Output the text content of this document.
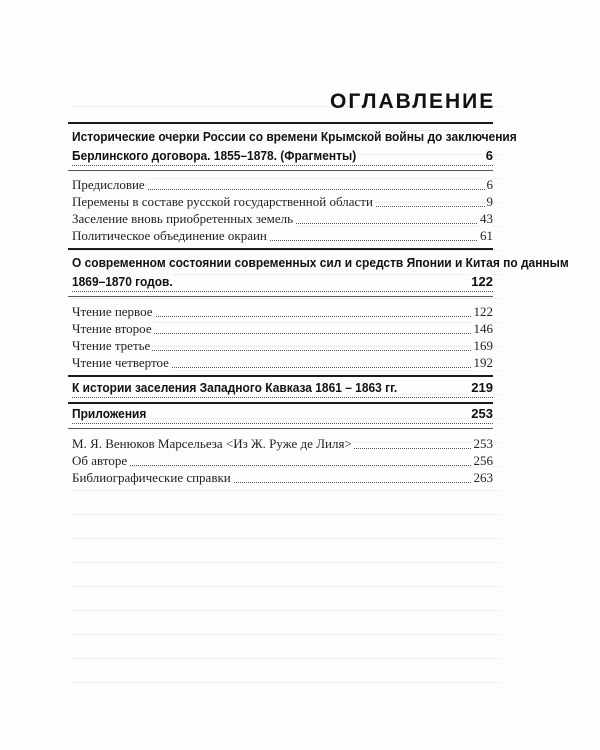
ОГЛАВЛЕНИЕ
Исторические очерки России со времени Крымской войны до заключения
Берлинского договора. 1855–1878. (Фрагменты)	6
Предисловие	6
Перемены в составе русской государственной области	9
Заселение вновь приобретенных земель	43
Политическое объединение окраин	61
О современном состоянии современных сил и средств Японии и Китая по данным
1869–1870 годов.	122
Чтение первое	122
Чтение второе	146
Чтение третье	169
Чтение четвертое	192
К истории заселения Западного Кавказа 1861 – 1863 гг.	219
Приложения	253
М. Я. Венюков Марсельеза <Из Ж. Руже де Лиля>	253
Об авторе	256
Библиографические справки	263
